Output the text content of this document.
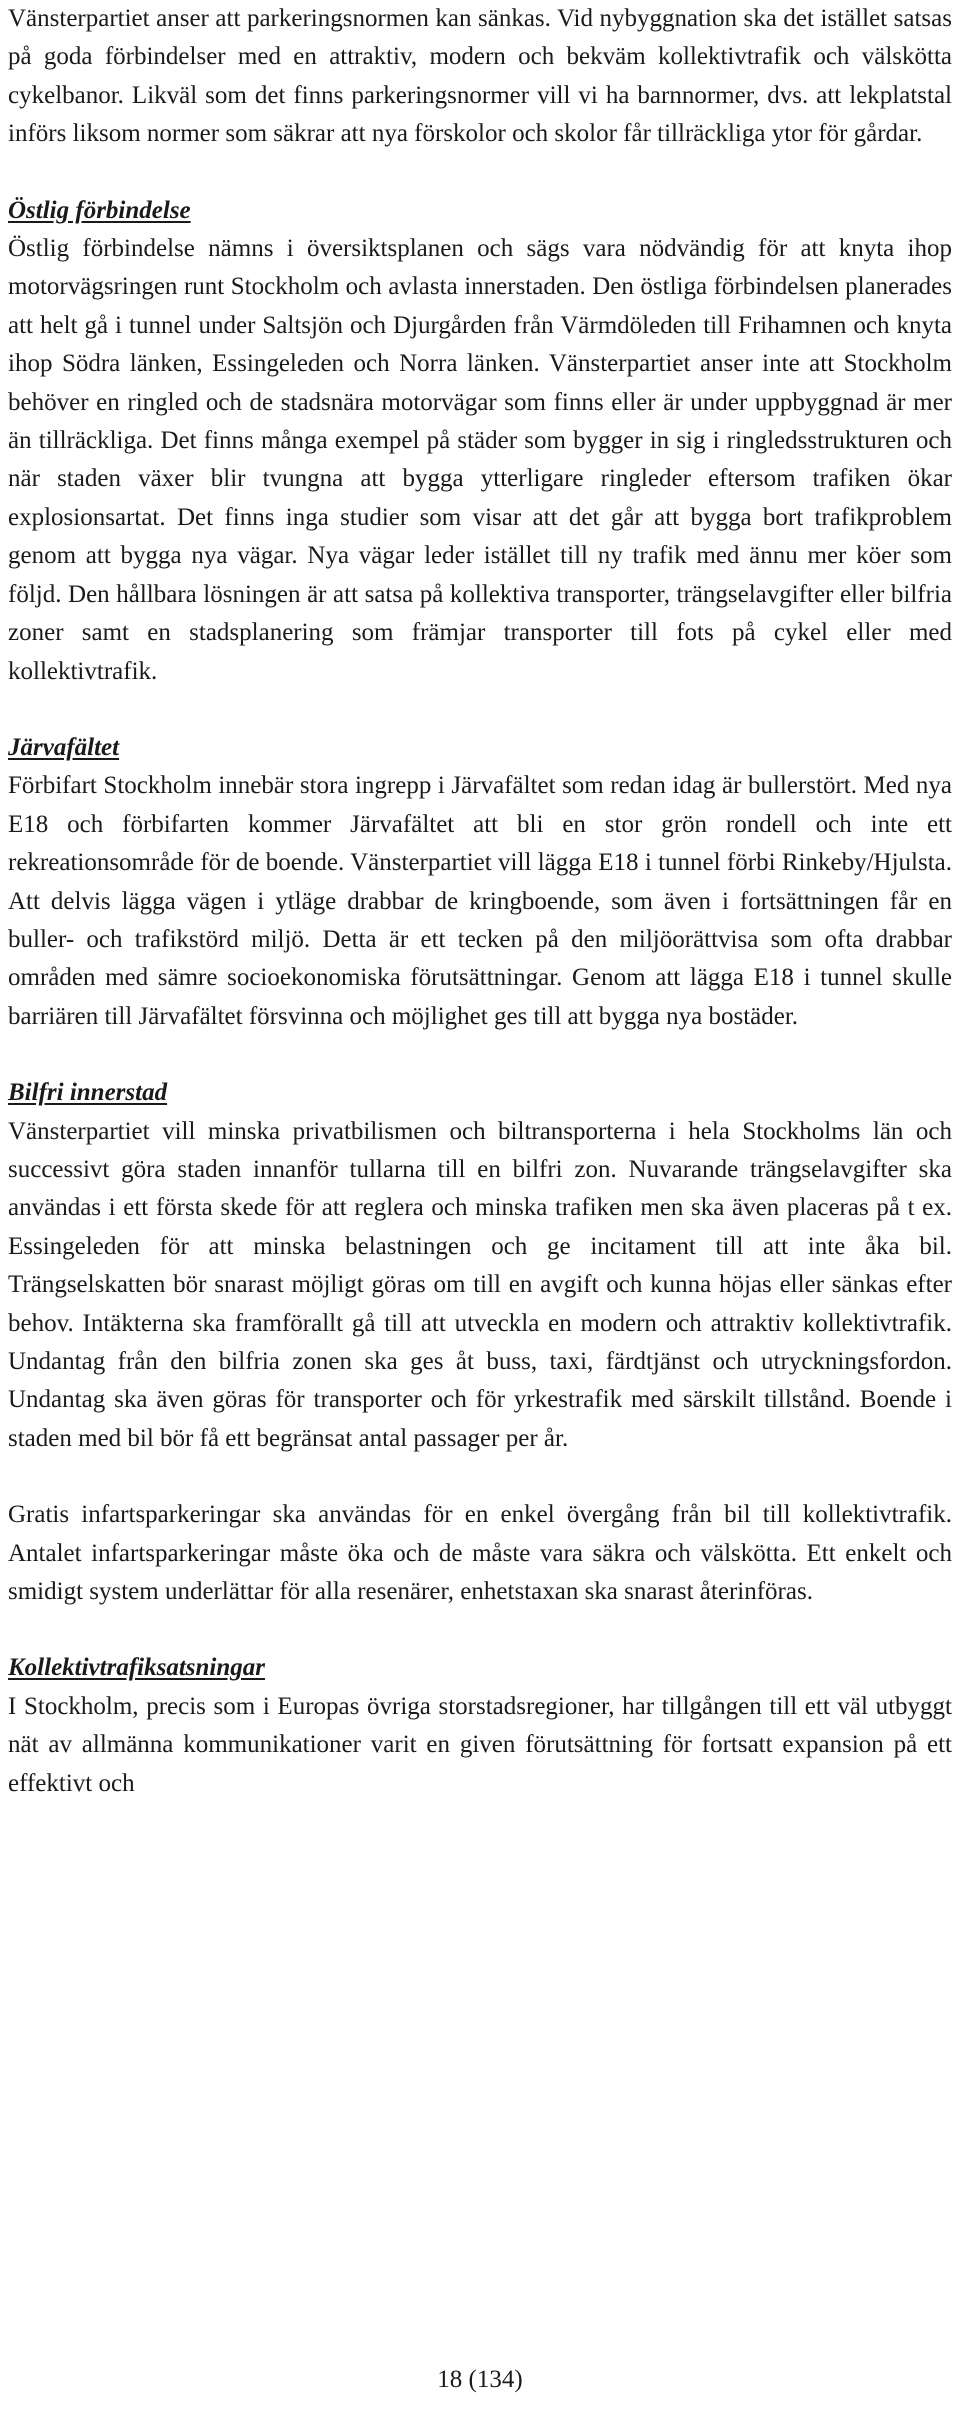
Vänsterpartiet anser att parkeringsnormen kan sänkas. Vid nybyggnation ska det istället satsas på goda förbindelser med en attraktiv, modern och bekväm kollektivtrafik och välskötta cykelbanor. Likväl som det finns parkeringsnormer vill vi ha barnnormer, dvs. att lekplatstal införs liksom normer som säkrar att nya förskolor och skolor får tillräckliga ytor för gårdar.

Östlig förbindelse

Östlig förbindelse nämns i översiktsplanen och sägs vara nödvändig för att knyta ihop motorvägsringen runt Stockholm och avlasta innerstaden. Den östliga förbindelsen planerades att helt gå i tunnel under Saltsjön och Djurgården från Värmdöleden till Frihamnen och knyta ihop Södra länken, Essingeleden och Norra länken. Vänsterpartiet anser inte att Stockholm behöver en ringled och de stadsnära motorvägar som finns eller är under uppbyggnad är mer än tillräckliga. Det finns många exempel på städer som bygger in sig i ringledsstrukturen och när staden växer blir tvungna att bygga ytterligare ringleder eftersom trafiken ökar explosionsartat. Det finns inga studier som visar att det går att bygga bort trafikproblem genom att bygga nya vägar. Nya vägar leder istället till ny trafik med ännu mer köer som följd. Den hållbara lösningen är att satsa på kollektiva transporter, trängselavgifter eller bilfria zoner samt en stadsplanering som främjar transporter till fots på cykel eller med kollektivtrafik.

Järvafältet

Förbifart Stockholm innebär stora ingrepp i Järvafältet som redan idag är bullerstört. Med nya E18 och förbifarten kommer Järvafältet att bli en stor grön rondell och inte ett rekreationsområde för de boende. Vänsterpartiet vill lägga E18 i tunnel förbi Rinkeby/Hjulsta. Att delvis lägga vägen i ytläge drabbar de kringboende, som även i fortsättningen får en buller- och trafikstörd miljö. Detta är ett tecken på den miljöorättvisa som ofta drabbar områden med sämre socioekonomiska förutsättningar. Genom att lägga E18 i tunnel skulle barriären till Järvafältet försvinna och möjlighet ges till att bygga nya bostäder.

Bilfri innerstad

Vänsterpartiet vill minska privatbilismen och biltransporterna i hela Stockholms län och successivt göra staden innanför tullarna till en bilfri zon. Nuvarande trängselavgifter ska användas i ett första skede för att reglera och minska trafiken men ska även placeras på t ex. Essingeleden för att minska belastningen och ge incitament till att inte åka bil. Trängselskatten bör snarast möjligt göras om till en avgift och kunna höjas eller sänkas efter behov. Intäkterna ska framförallt gå till att utveckla en modern och attraktiv kollektivtrafik. Undantag från den bilfria zonen ska ges åt buss, taxi, färdtjänst och utryckningsfordon. Undantag ska även göras för transporter och för yrkestrafik med särskilt tillstånd. Boende i staden med bil bör få ett begränsat antal passager per år.

Gratis infartsparkeringar ska användas för en enkel övergång från bil till kollektivtrafik. Antalet infartsparkeringar måste öka och de måste vara säkra och välskötta. Ett enkelt och smidigt system underlättar för alla resenärer, enhetstaxan ska snarast återinföras.

Kollektivtrafiksatsningar

I Stockholm, precis som i Europas övriga storstadsregioner, har tillgången till ett väl utbyggt nät av allmänna kommunikationer varit en given förutsättning för fortsatt expansion på ett effektivt och

18 (134)
